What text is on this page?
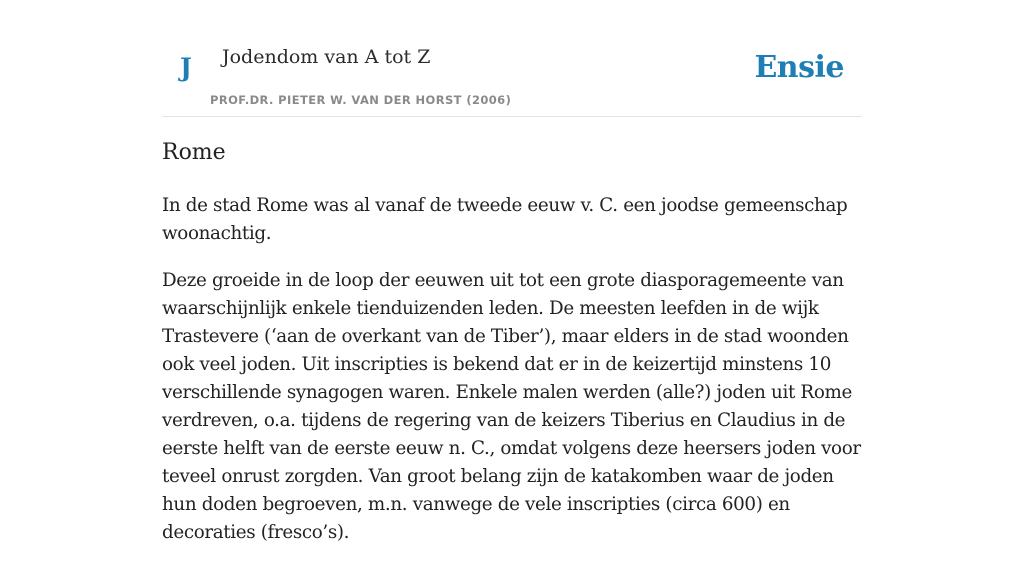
J Jodendom van A tot Z
PROF.DR. PIETER W. VAN DER HORST (2006)
Ensie
Rome

In de stad Rome was al vanaf de tweede eeuw v. C. een joodse gemeenschap woonachtig.

Deze groeide in de loop der eeuwen uit tot een grote diasporagemeente van waarschijnlijk enkele tienduizenden leden. De meesten leefden in de wijk Trastevere (‘aan de overkant van de Tiber’), maar elders in de stad woonden ook veel joden. Uit inscripties is bekend dat er in de keizertijd minstens 10 verschillende synagogen waren. Enkele malen werden (alle?) joden uit Rome verdreven, o.a. tijdens de regering van de keizers Tiberius en Claudius in de eerste helft van de eerste eeuw n. C., omdat volgens deze heersers joden voor teveel onrust zorgden. Van groot belang zijn de katakomben waar de joden hun doden begroeven, m.n. vanwege de vele inscripties (circa 600) en decoraties (fresco’s).
